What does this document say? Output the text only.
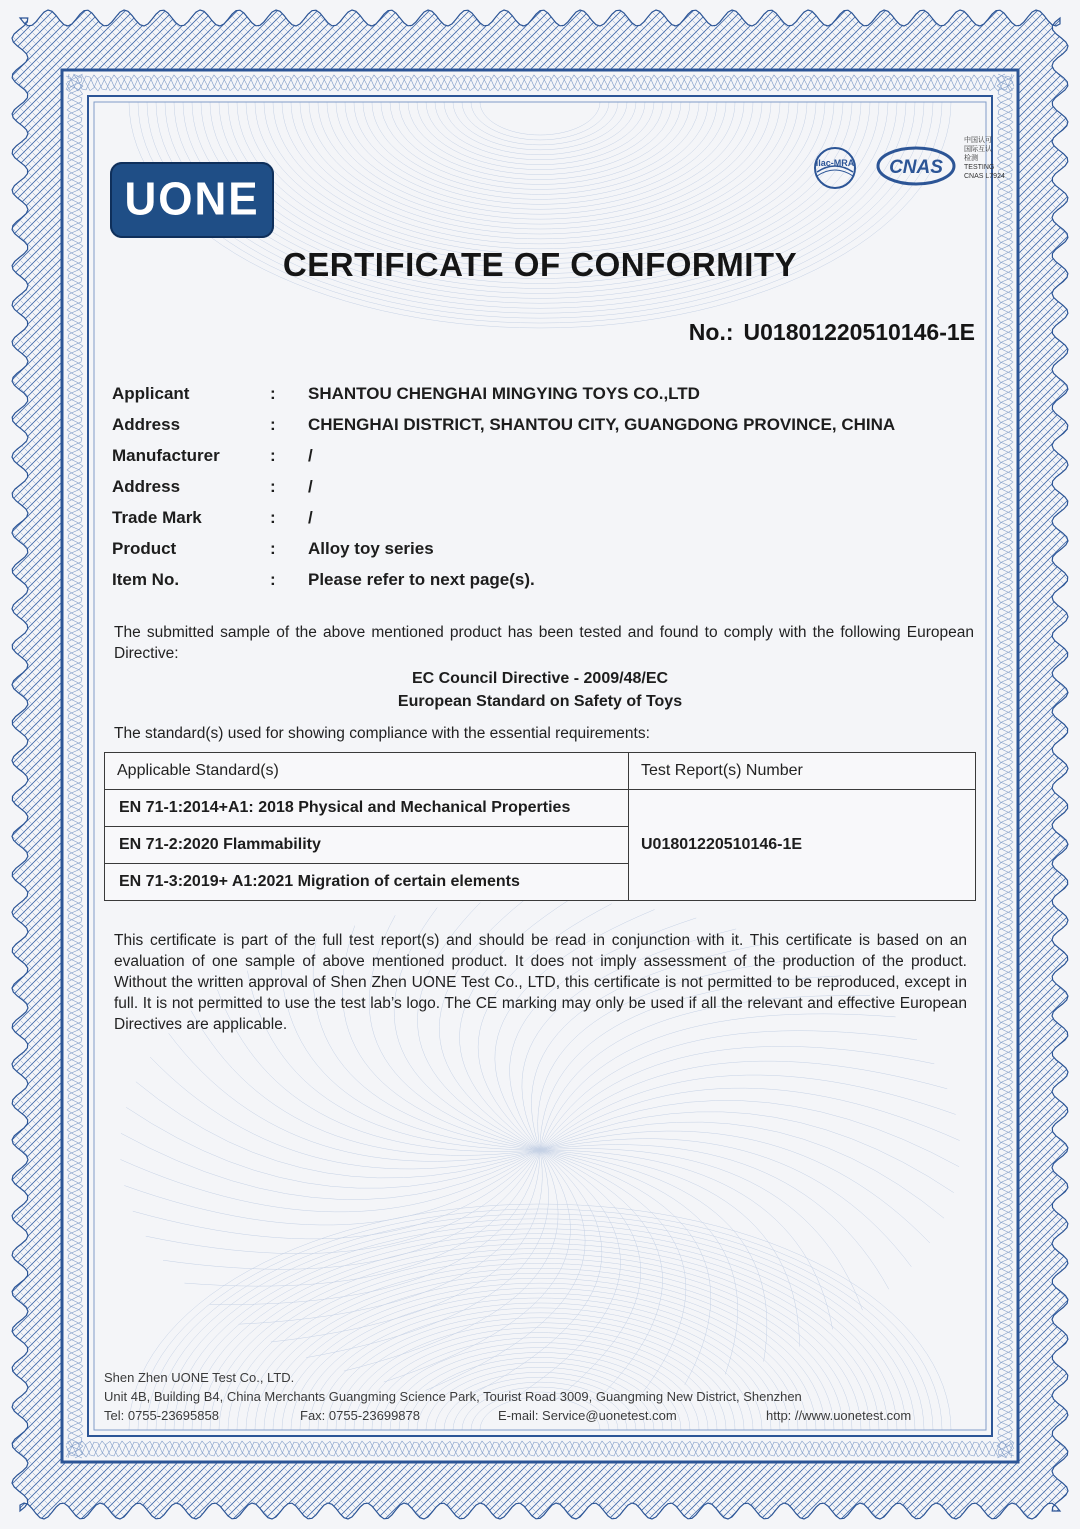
UONE
ilac-MRA CNAS
中国认可
国际互认
检测
TESTING
CNAS L7924
CERTIFICATE OF CONFORMITY
No.: U01801220510146-1E
Applicant	:	SHANTOU CHENGHAI MINGYING TOYS CO.,LTD
Address	:	CHENGHAI DISTRICT, SHANTOU CITY, GUANGDONG PROVINCE, CHINA
Manufacturer	:	/
Address	:	/
Trade Mark	:	/
Product	:	Alloy toy series
Item No.	:	Please refer to next page(s).
The submitted sample of the above mentioned product has been tested and found to comply with the following European Directive:
EC Council Directive - 2009/48/EC
European Standard on Safety of Toys
The standard(s) used for showing compliance with the essential requirements:
Applicable Standard(s)	Test Report(s) Number
EN 71-1:2014+A1: 2018 Physical and Mechanical Properties	U01801220510146-1E
EN 71-2:2020 Flammability	
EN 71-3:2019+ A1:2021 Migration of certain elements	
This certificate is part of the full test report(s) and should be read in conjunction with it. This certificate is based on an evaluation of one sample of above mentioned product. It does not imply assessment of the production of the product. Without the written approval of Shen Zhen UONE Test Co., LTD, this certificate is not permitted to be reproduced, except in full. It is not permitted to use the test lab’s logo. The CE marking may only be used if all the relevant and effective European Directives are applicable.
Shen Zhen UONE Test Co., LTD.
Unit 4B, Building B4, China Merchants Guangming Science Park, Tourist Road 3009, Guangming New District, Shenzhen
Tel: 0755-23695858	Fax: 0755-23699878	E-mail: Service@uonetest.com	http: //www.uonetest.com
